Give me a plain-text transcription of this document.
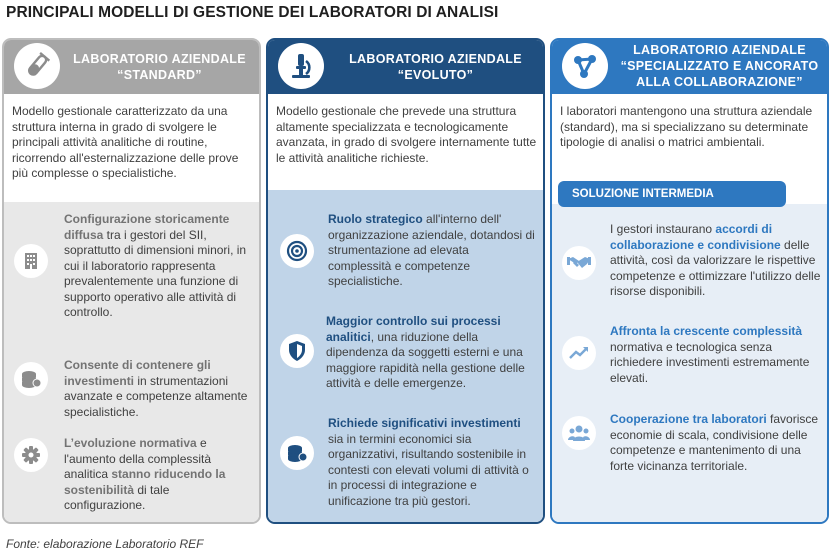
PRINCIPALI MODELLI DI GESTIONE DEI LABORATORI DI ANALISI
LABORATORIO AZIENDALE
“STANDARD”
Modello gestionale caratterizzato da una struttura interna in grado di svolgere le principali attività analitiche di routine, ricorrendo all'esternalizzazione delle prove più complesse o specialistiche.
Configurazione storicamente diffusa tra i gestori del SII, soprattutto di dimensioni minori, in cui il laboratorio rappresenta prevalentemente una funzione di supporto operativo alle attività di controllo.
Consente di contenere gli investimenti in strumentazioni avanzate e competenze altamente specialistiche.
L’evoluzione normativa e l'aumento della complessità analitica stanno riducendo la sostenibilità di tale configurazione.
LABORATORIO AZIENDALE
“EVOLUTO”
Modello gestionale che prevede una struttura altamente specializzata e tecnologicamente avanzata, in grado di svolgere internamente tutte le attività analitiche richieste.
Ruolo strategico all'interno dell' organizzazione aziendale, dotandosi di strumentazione ad elevata complessità e competenze specialistiche.
Maggior controllo sui processi analitici, una riduzione della dipendenza da soggetti esterni e una maggiore rapidità nella gestione delle attività e delle emergenze.
Richiede significativi investimenti sia in termini economici sia organizzativi, risultando sostenibile in contesti con elevati volumi di attività o in processi di integrazione e unificazione tra più gestori.
LABORATORIO AZIENDALE
“SPECIALIZZATO E ANCORATO
ALLA COLLABORAZIONE”
I laboratori mantengono una struttura aziendale (standard), ma si specializzano su determinate tipologie di analisi o matrici ambientali.
I gestori instaurano accordi di collaborazione e condivisione delle attività, così da valorizzare le rispettive competenze e ottimizzare l'utilizzo delle risorse disponibili.
Affronta la crescente complessità normativa e tecnologica senza richiedere investimenti estremamente elevati.
Cooperazione tra laboratori favorisce economie di scala, condivisione delle competenze e mantenimento di una forte vicinanza territoriale.
SOLUZIONE INTERMEDIA
Fonte: elaborazione Laboratorio REF
